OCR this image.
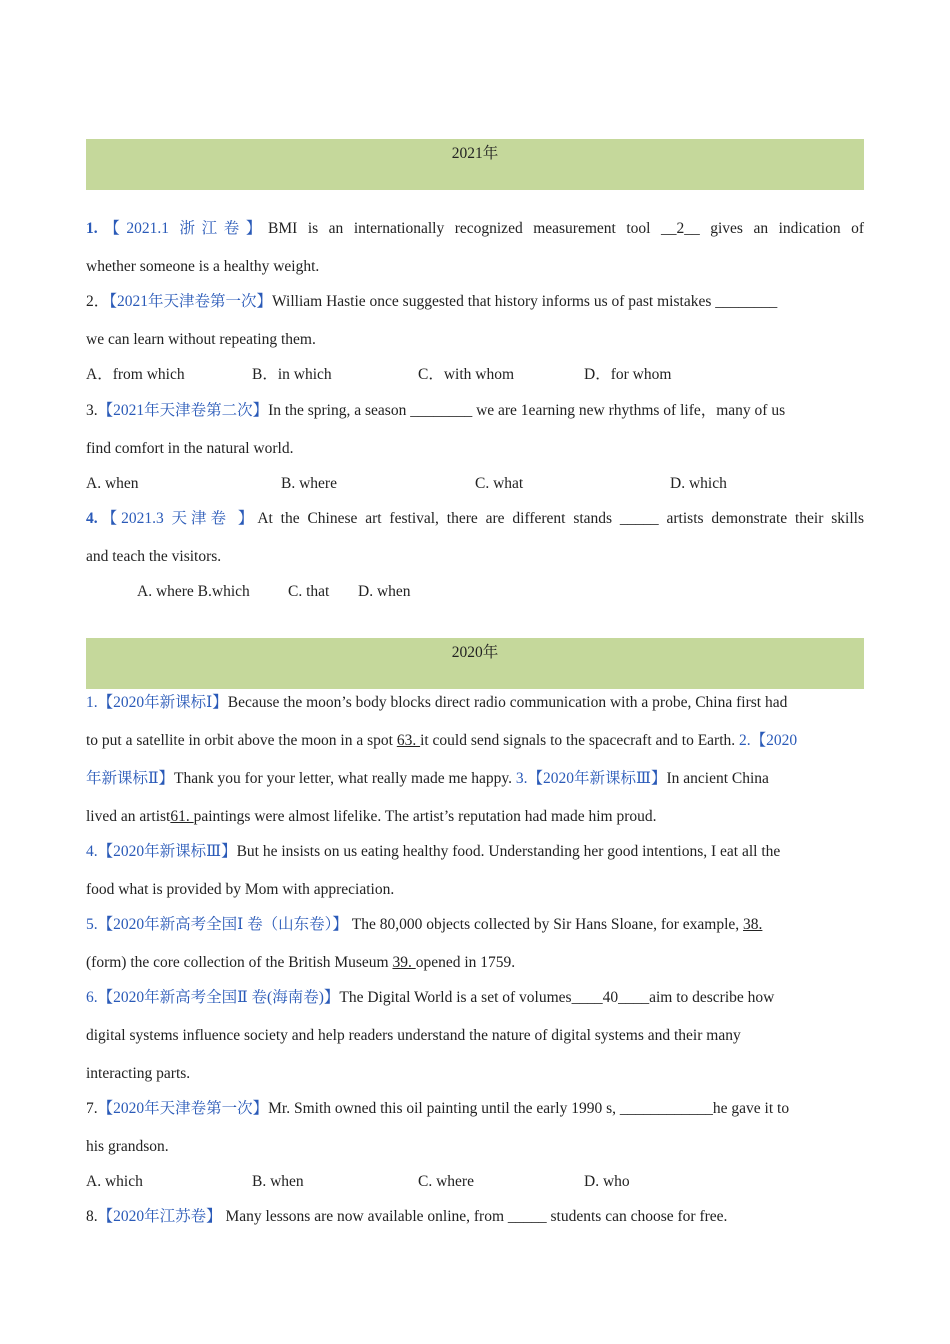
2021年
1.【2021.1 浙江卷】BMI is an internationally recognized measurement tool __2__ gives an indication of
whether someone is a healthy weight.
2．【2021年天津卷第一次】William Hastie once suggested that history informs us of past mistakes ________
we can learn without repeating them.
A．from which	B．in which	C．with whom	D．for whom
3.【2021年天津卷第二次】In the spring, a season ________ we are 1earning new rhythms of life，many of us
find comfort in the natural world.
A. when	B. where	C. what	D. which
4.【2021.3 天津卷 】At the Chinese art festival, there are different stands _____ artists demonstrate their skills
and teach the visitors.
A. where B.which C. that D. when
2020年
1.【2020年新课标Ⅰ】Because the moon’s body blocks direct radio communication with a probe, China first had
to put a satellite in orbit above the moon in a spot 63. it could send signals to the spacecraft and to Earth. 2.【2020
年新课标Ⅱ】Thank you for your letter, what really made me happy. 3.【2020年新课标Ⅲ】In ancient China
lived an artist61. paintings were almost lifelike. The artist’s reputation had made him proud.
4.【2020年新课标Ⅲ】But he insists on us eating healthy food. Understanding her good intentions, I eat all the
food what is provided by Mom with appreciation.
5.【2020年新高考全国Ⅰ 卷（山东卷）】 The 80,000 objects collected by Sir Hans Sloane, for example, 38.
(form) the core collection of the British Museum 39. opened in 1759.
6.【2020年新高考全国Ⅱ 卷(海南卷)】The Digital World is a set of volumes____40____aim to describe how
digital systems influence society and help readers understand the nature of digital systems and their many
interacting parts.
7.【2020年天津卷第一次】Mr. Smith owned this oil painting until the early 1990 s, ____________he gave it to
his grandson.
A. which	B. when	C. where	D. who
8.【2020年江苏卷】 Many lessons are now available online, from _____ students can choose for free.
